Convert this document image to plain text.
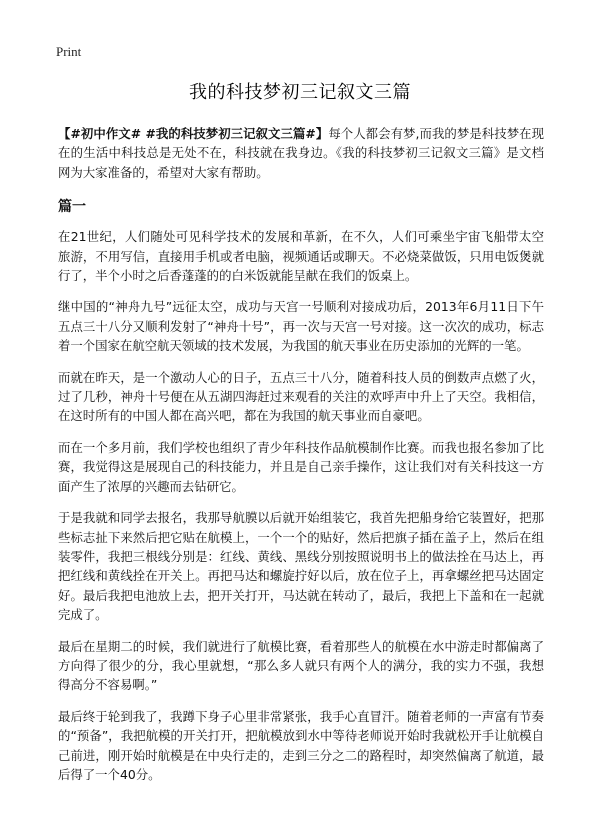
Print
我的科技梦初三记叙文三篇

【#初中作文# #我的科技梦初三记叙文三篇#】每个人都会有梦,而我的梦是科技梦在现在的生活中科技总是无处不在，科技就在我身边。《我的科技梦初三记叙文三篇》是文档网为大家准备的，希望对大家有帮助。

篇一

在21世纪，人们随处可见科学技术的发展和革新，在不久，人们可乘坐宇宙飞船带太空旅游，不用写信，直接用手机或者电脑，视频通话或聊天。不必烧菜做饭，只用电饭煲就行了，半个小时之后香蓬蓬的的白米饭就能呈献在我们的饭桌上。

继中国的“神舟九号”远征太空，成功与天宫一号顺利对接成功后，2013年6月11日下午五点三十八分又顺利发射了“神舟十号”，再一次与天宫一号对接。这一次次的成功，标志着一个国家在航空航天领域的技术发展，为我国的航天事业在历史添加的光辉的一笔。

而就在昨天，是一个激动人心的日子，五点三十八分，随着科技人员的倒数声点燃了火，过了几秒，神舟十号便在从五湖四海赶过来观看的关注的欢呼声中升上了天空。我相信，在这时所有的中国人都在高兴吧，都在为我国的航天事业而自豪吧。

而在一个多月前，我们学校也组织了青少年科技作品航模制作比赛。而我也报名参加了比赛，我觉得这是展现自己的科技能力，并且是自己亲手操作，这让我们对有关科技这一方面产生了浓厚的兴趣而去钻研它。

于是我就和同学去报名，我那导航膜以后就开始组装它，我首先把船身给它装置好，把那些标志扯下来然后把它贴在航模上，一个一个的贴好，然后把旗子插在盖子上，然后在组装零件，我把三根线分别是：红线、黄线、黑线分别按照说明书上的做法拴在马达上，再把红线和黄线拴在开关上。再把马达和螺旋拧好以后，放在位子上，再拿螺丝把马达固定好。最后我把电池放上去，把开关打开，马达就在转动了，最后，我把上下盖和在一起就完成了。

最后在星期二的时候，我们就进行了航模比赛，看着那些人的航模在水中游走时都偏离了方向得了很少的分，我心里就想，“那么多人就只有两个人的满分，我的实力不强，我想得高分不容易啊。”

最后终于轮到我了，我蹲下身子心里非常紧张，我手心直冒汗。随着老师的一声富有节奏的“预备”，我把航模的开关打开，把航模放到水中等待老师说开始时我就松开手让航模自己前进，刚开始时航模是在中央行走的，走到三分之二的路程时，却突然偏离了航道，最后得了一个40分。
